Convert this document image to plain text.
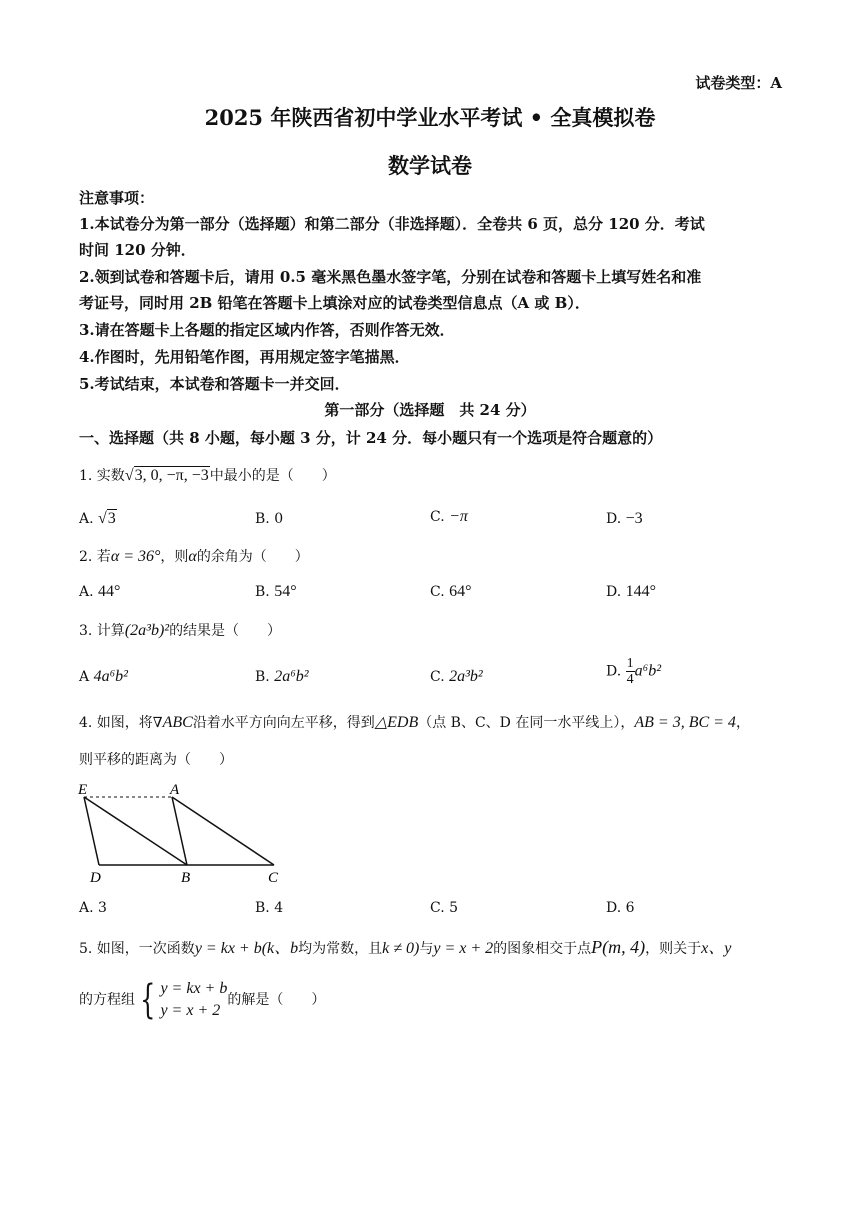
试卷类型：A
2025 年陕西省初中学业水平考试 • 全真模拟卷
数学试卷
注意事项：
1.本试卷分为第一部分（选择题）和第二部分（非选择题）．全卷共 6 页，总分 120 分．考试
时间 120 分钟．
2.领到试卷和答题卡后，请用 0.5 毫米黑色墨水签字笔，分别在试卷和答题卡上填写姓名和准
考证号，同时用 2B 铅笔在答题卡上填涂对应的试卷类型信息点（A 或 B）．
3.请在答题卡上各题的指定区域内作答，否则作答无效．
4.作图时，先用铅笔作图，再用规定签字笔描黑．
5.考试结束，本试卷和答题卡一并交回．
第一部分（选择题　共 24 分）
一、选择题（共 8 小题，每小题 3 分，计 24 分．每小题只有一个选项是符合题意的）
1. 实数√3, 0, −π, −3中最小的是（　　）
A. √3	B. 0	C. −π	D. −3
2. 若α = 36°，则α的余角为（　　）
A. 44°	B. 54°	C. 64°	D. 144°
3. 计算(2a³b)²的结果是（　　）
A 4a⁶b²	B. 2a⁶b²	C. 2a³b²	D. $\frac{1}{4} a^6b^2$
4. 如图，将∇ABC沿着水平方向向左平移，得到△EDB（点 B、C、D 在同一水平线上），AB = 3, BC = 4，
则平移的距离为（　　）
E	A
D	B	C
A. 3	B. 4	C. 5	D. 6
5. 如图，一次函数y = kx + b(k、b均为常数，且k ≠ 0)与y = x + 2的图象相交于点P(m, 4)，则关于x、y
的方程组 { y = kx + b
y = x + 2
的解是（　　）
